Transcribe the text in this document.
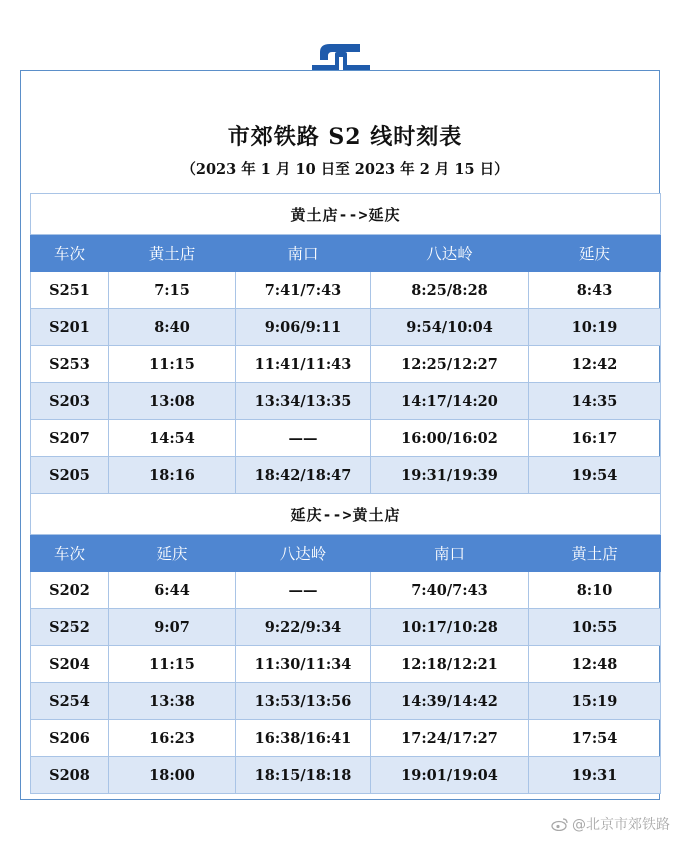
市郊铁路 S2 线时刻表
（2023 年 1 月 10 日至 2023 年 2 月 15 日）
黄土店-->延庆				
车次	黄土店	南口	八达岭	延庆
S251	7:15	7:41/7:43	8:25/8:28	8:43
S201	8:40	9:06/9:11	9:54/10:04	10:19
S253	11:15	11:41/11:43	12:25/12:27	12:42
S203	13:08	13:34/13:35	14:17/14:20	14:35
S207	14:54	——	16:00/16:02	16:17
S205	18:16	18:42/18:47	19:31/19:39	19:54
延庆-->黄土店				
车次	延庆	八达岭	南口	黄土店
S202	6:44	——	7:40/7:43	8:10
S252	9:07	9:22/9:34	10:17/10:28	10:55
S204	11:15	11:30/11:34	12:18/12:21	12:48
S254	13:38	13:53/13:56	14:39/14:42	15:19
S206	16:23	16:38/16:41	17:24/17:27	17:54
S208	18:00	18:15/18:18	19:01/19:04	19:31
@北京市郊铁路
